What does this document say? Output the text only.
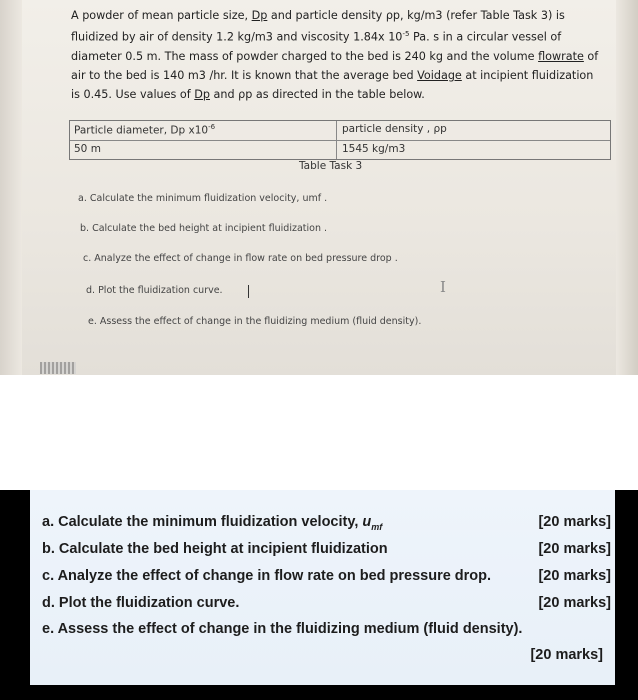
A powder of mean particle size, Dp and particle density ρp, kg/m3 (refer Table Task 3) is fluidized by air of density 1.2 kg/m3 and viscosity 1.84x $10^{-5}$ Pa. s in a circular vessel of diameter 0.5 m. The mass of powder charged to the bed is 240 kg and the volume flowrate of air to the bed is 140 m3 /hr. It is known that the average bed Voidage at incipient fluidization is 0.45. Use values of Dp and ρp as directed in the table below.
Particle diameter, Dp $x10^{-6}$	particle density , ρp
50 m	1545 kg/m3
Table Task 3
a. Calculate the minimum fluidization velocity, umf .
b. Calculate the bed height at incipient fluidization .
c. Analyze the effect of change in flow rate on bed pressure drop .
d. Plot the fluidization curve.	I
e. Assess the effect of change in the fluidizing medium (fluid density).
a. Calculate the minimum fluidization velocity, $u_{mf}$	[20 marks]
b. Calculate the bed height at incipient fluidization	[20 marks]
c. Analyze the effect of change in flow rate on bed pressure drop.	[20 marks]
d. Plot the fluidization curve.	[20 marks]
e. Assess the effect of change in the fluidizing medium (fluid density).
[20 marks]
